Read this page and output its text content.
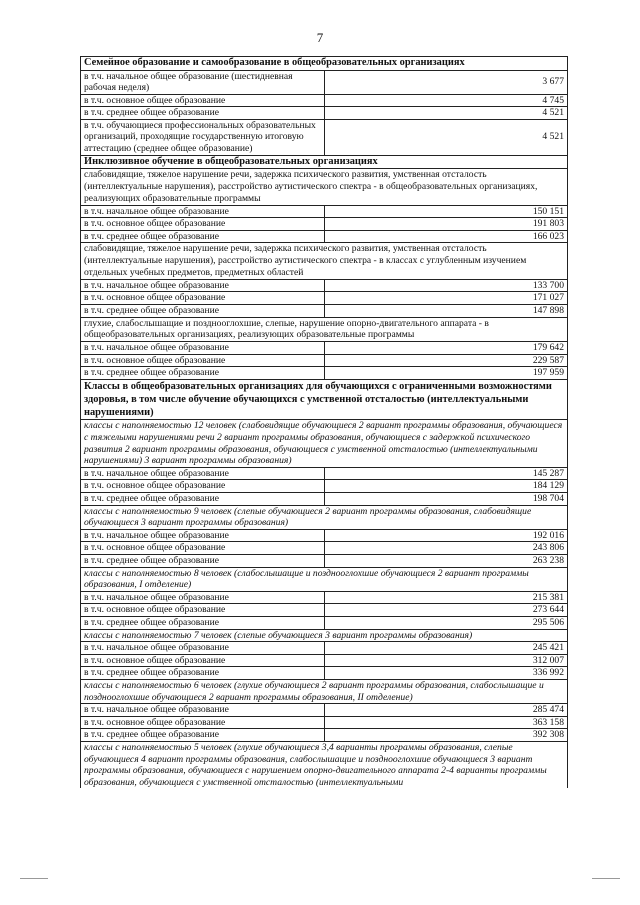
7
Семейное образование и самообразование в общеобразовательных организациях	
в т.ч. начальное общее образование (шестидневная рабочая неделя)	3 677
в т.ч. основное общее образование	4 745
в т.ч. среднее общее образование	4 521
в т.ч. обучающиеся профессиональных образовательных организаций, проходящие государственную итоговую аттестацию (среднее общее образование)	4 521
Инклюзивное обучение в общеобразовательных организациях	
слабовидящие, тяжелое нарушение речи, задержка психического развития, умственная отсталость (интеллектуальные нарушения), расстройство аутистического спектра - в общеобразовательных организациях, реализующих образовательные программы	
в т.ч. начальное общее образование	150 151
в т.ч. основное общее образование	191 803
в т.ч. среднее общее образование	166 023
слабовидящие, тяжелое нарушение речи, задержка психического развития, умственная отсталость (интеллектуальные нарушения), расстройство аутистического спектра - в классах с углубленным изучением отдельных учебных предметов, предметных областей	
в т.ч. начальное общее образование	133 700
в т.ч. основное общее образование	171 027
в т.ч. среднее общее образование	147 898
глухие, слабослышащие и позднооглохшие, слепые, нарушение опорно-двигательного аппарата - в общеобразовательных организациях, реализующих образовательные программы	
в т.ч. начальное общее образование	179 642
в т.ч. основное общее образование	229 587
в т.ч. среднее общее образование	197 959
Классы в общеобразовательных организациях для обучающихся с ограниченными возможностями здоровья, в том числе обучение обучающихся с умственной отсталостью (интеллектуальными нарушениями)	
классы с наполняемостью 12 человек (слабовидящие обучающиеся 2 вариант программы образования, обучающиеся с тяжелыми нарушениями речи 2 вариант программы образования, обучающиеся с задержкой психического развития 2 вариант программы образования, обучающиеся с умственной отсталостью (интеллектуальными нарушениями) 3 вариант программы образования)	
в т.ч. начальное общее образование	145 287
в т.ч. основное общее образование	184 129
в т.ч. среднее общее образование	198 704
классы с наполняемостью 9 человек (слепые обучающиеся 2 вариант программы образования, слабовидящие обучающиеся 3 вариант программы образования)	
в т.ч. начальное общее образование	192 016
в т.ч. основное общее образование	243 806
в т.ч. среднее общее образование	263 238
классы с наполняемостью 8 человек (слабослышащие и позднооглохшие обучающиеся 2 вариант программы образования, I отделение)	
в т.ч. начальное общее образование	215 381
в т.ч. основное общее образование	273 644
в т.ч. среднее общее образование	295 506
классы с наполняемостью 7 человек (слепые обучающиеся 3 вариант программы образования)	
в т.ч. начальное общее образование	245 421
в т.ч. основное общее образование	312 007
в т.ч. среднее общее образование	336 992
классы с наполняемостью 6 человек (глухие обучающиеся 2 вариант программы образования, слабослышащие и позднооглохшие обучающиеся 2 вариант программы образования, II отделение)	
в т.ч. начальное общее образование	285 474
в т.ч. основное общее образование	363 158
в т.ч. среднее общее образование	392 308
классы с наполняемостью 5 человек (глухие обучающиеся 3,4 варианты программы образования, слепые обучающиеся 4 вариант программы образования, слабослышащие и позднооглохшие обучающиеся 3 вариант программы образования, обучающиеся с нарушением опорно-двигательного аппарата 2-4 варианты программы образования, обучающиеся с умственной отсталостью (интеллектуальными	
